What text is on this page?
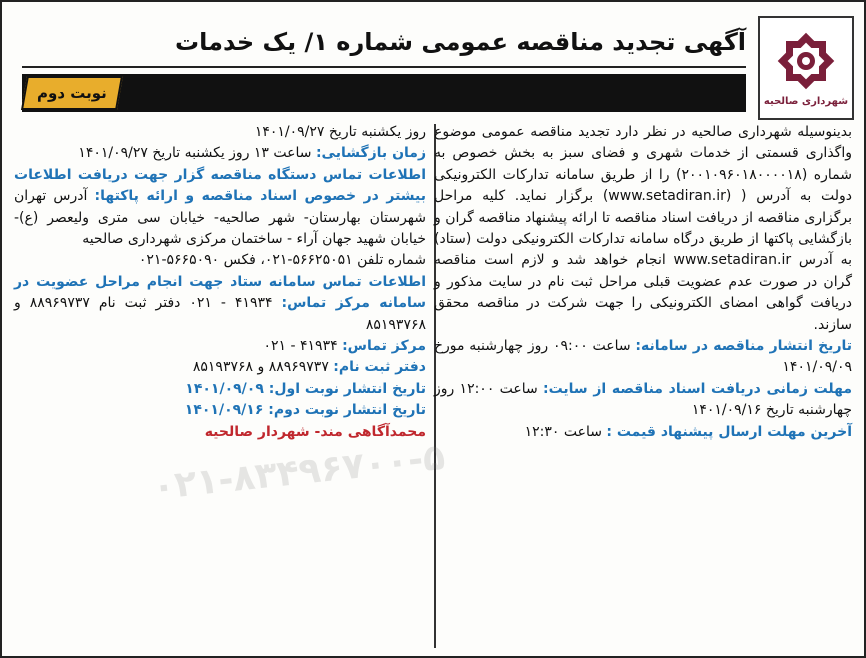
شهرداری صالحیه
آگهی تجدید مناقصه عمومی شماره ۱/ یک خدمات
نوبت دوم

بدینوسیله شهرداری صالحیه در نظر دارد تجدید مناقصه عمومی موضوع واگذاری قسمتی از خدمات شهری و فضای سبز به بخش خصوص به شماره (۲۰۰۱۰۹۶۰۱۸۰۰۰۰۱۸) را از طریق سامانه تدارکات الکترونیکی دولت به آدرس ( (www.setadiran.ir) برگزار نماید. کلیه مراحل برگزاری مناقصه از دریافت اسناد مناقصه تا ارائه پیشنهاد مناقصه گران و بازگشایی پاکتها از طریق درگاه سامانه تدارکات الکترونیکی دولت (ستاد) به آدرس www.setadiran.ir انجام خواهد شد و لازم است مناقصه گران در صورت عدم عضویت قبلی مراحل ثبت نام در سایت مذکور و دریافت گواهی امضای الکترونیکی را جهت شرکت در مناقصه محقق سازند.

تاریخ انتشار مناقصه در سامانه: ساعت ۰۹:۰۰ روز چهارشنبه مورخ ۱۴۰۱/۰۹/۰۹

مهلت زمانی دریافت اسناد مناقصه از سایت: ساعت ۱۲:۰۰ روز چهارشنبه تاریخ ۱۴۰۱/۰۹/۱۶

آخرین مهلت ارسال پیشنهاد قیمت : ساعت ۱۲:۳۰

روز یکشنبه تاریخ ۱۴۰۱/۰۹/۲۷

زمان بازگشایی: ساعت ۱۳ روز یکشنبه تاریخ ۱۴۰۱/۰۹/۲۷

اطلاعات تماس دستگاه مناقصه گزار جهت دریافت اطلاعات بیشتر در خصوص اسناد مناقصه و ارائه پاکتها: آدرس تهران شهرستان بهارستان- شهر صالحیه- خیابان سی متری ولیعصر (ع)- خیابان شهید جهان آراء - ساختمان مرکزی شهرداری صالحیه

شماره تلفن ۵۶۶۲۵۰۵۱-۰۲۱، فکس ۵۶۶۵۰۹۰-۰۲۱

اطلاعات تماس سامانه ستاد جهت انجام مراحل عضویت در سامانه مرکز تماس: ۴۱۹۳۴ - ۰۲۱ دفتر ثبت نام ۸۸۹۶۹۷۳۷ و ۸۵۱۹۳۷۶۸

مرکز تماس: ۴۱۹۳۴ - ۰۲۱

دفتر ثبت نام: ۸۸۹۶۹۷۳۷ و ۸۵۱۹۳۷۶۸

تاریخ انتشار نوبت اول: ۱۴۰۱/۰۹/۰۹

تاریخ انتشار نوبت دوم: ۱۴۰۱/۰۹/۱۶

محمدآگاهی مند- شهردار صالحیه

۰۲۱-۸۳۴۹۶۷۰۰-۵
